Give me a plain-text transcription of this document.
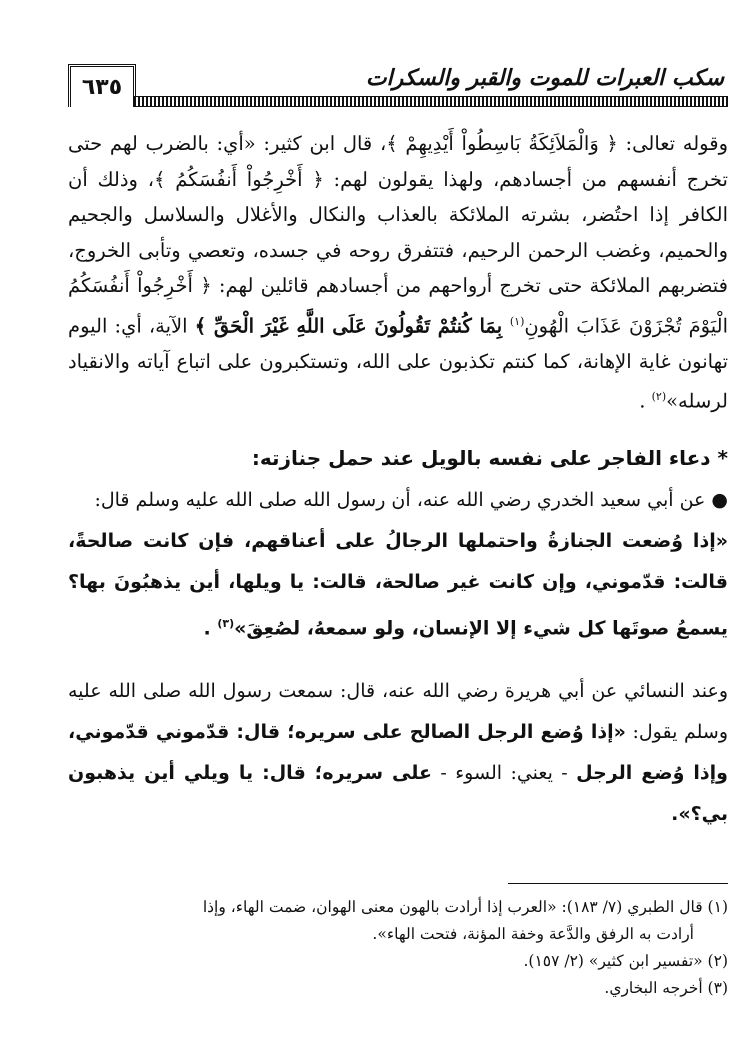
٦٣٥	سكب العبرات للموت والقبر والسكرات

وقوله تعالى: ﴿ وَالْمَلاَئِكَةُ بَاسِطُواْ أَيْدِيهِمْ ﴾، قال ابن كثير: «أي: بالضرب لهم حتى تخرج أنفسهم من أجسادهم، ولهذا يقولون لهم: ﴿ أَخْرِجُواْ أَنفُسَكُمُ ﴾، وذلك أن الكافر إذا احتُضر، بشرته الملائكة بالعذاب والنكال والأغلال والسلاسل والجحيم والحميم، وغضب الرحمن الرحيم، فتتفرق روحه في جسده، وتعصي وتأبى الخروج، فتضربهم الملائكة حتى تخرج أرواحهم من أجسادهم قائلين لهم: ﴿ أَخْرِجُواْ أَنفُسَكُمُ الْيَوْمَ تُجْزَوْنَ عَذَابَ الْهُونِ$^{(١)}$ بِمَا كُنتُمْ تَقُولُونَ عَلَى اللَّهِ غَيْرَ الْحَقِّ ﴾ الآية، أي: اليوم تهانون غاية الإهانة، كما كنتم تكذبون على الله، وتستكبرون على اتباع آياته والانقياد لرسله»$^{(٢)}$ .

* دعاء الفاجر على نفسه بالويل عند حمل جنازته:

● عن أبي سعيد الخدري رضي الله عنه، أن رسول الله صلى الله عليه وسلم قال:

«إذا وُضعت الجنازةُ واحتملها الرجالُ على أعناقهم، فإن كانت صالحةً، قالت: قدّموني، وإن كانت غير صالحة، قالت: يا ويلها، أين يذهبُونَ بها؟ يسمعُ صوتَها كل شيء إلا الإنسان، ولو سمعهُ، لصُعِقَ»$^{(٣)}$ .

وعند النسائي عن أبي هريرة رضي الله عنه، قال: سمعت رسول الله صلى الله عليه وسلم يقول: «إذا وُضع الرجل الصالح على سريره؛ قال: قدّموني قدّموني، وإذا وُضع الرجل - يعني: السوء - على سريره؛ قال: يا ويلي أين يذهبون بي؟».

(١) قال الطبري (٧/ ١٨٣): «العرب إذا أرادت بالهون معنى الهوان، ضمت الهاء، وإذا

أرادت به الرفق والدَّعة وخفة المؤنة، فتحت الهاء».

(٢) «تفسير ابن كثير» (٢/ ١٥٧).

(٣) أخرجه البخاري.
